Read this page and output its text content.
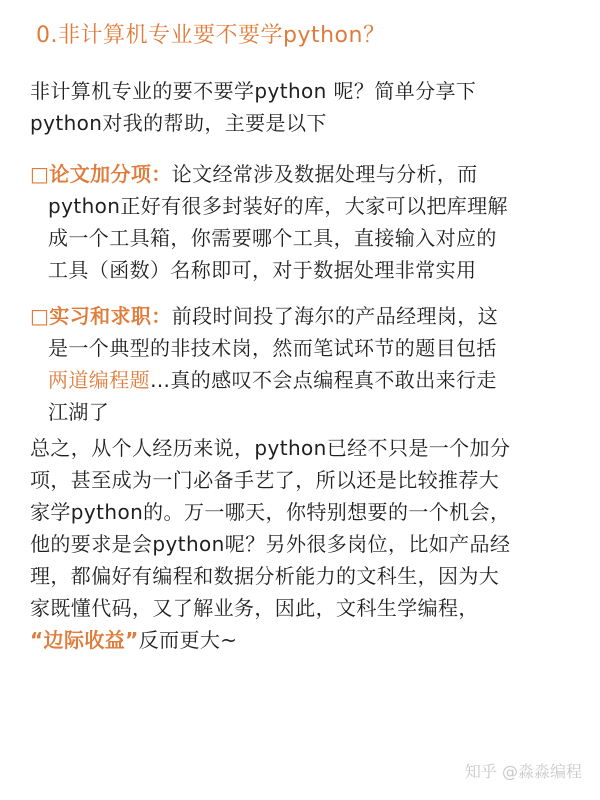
0.非计算机专业要不要学python？
非计算机专业的要不要学python 呢？简单分享下
python对我的帮助，主要是以下
□论文加分项：论文经常涉及数据处理与分析，而
python正好有很多封装好的库，大家可以把库理解
成一个工具箱，你需要哪个工具，直接输入对应的
工具（函数）名称即可，对于数据处理非常实用
□实习和求职：前段时间投了海尔的产品经理岗，这
是一个典型的非技术岗，然而笔试环节的题目包括
两道编程题…真的感叹不会点编程真不敢出来行走
江湖了
总之，从个人经历来说，python已经不只是一个加分
项，甚至成为一门必备手艺了，所以还是比较推荐大
家学python的。万一哪天，你特别想要的一个机会，
他的要求是会python呢？另外很多岗位，比如产品经
理，都偏好有编程和数据分析能力的文科生，因为大
家既懂代码，又了解业务，因此，文科生学编程，
“边际收益”反而更大~
知乎 @淼淼编程
